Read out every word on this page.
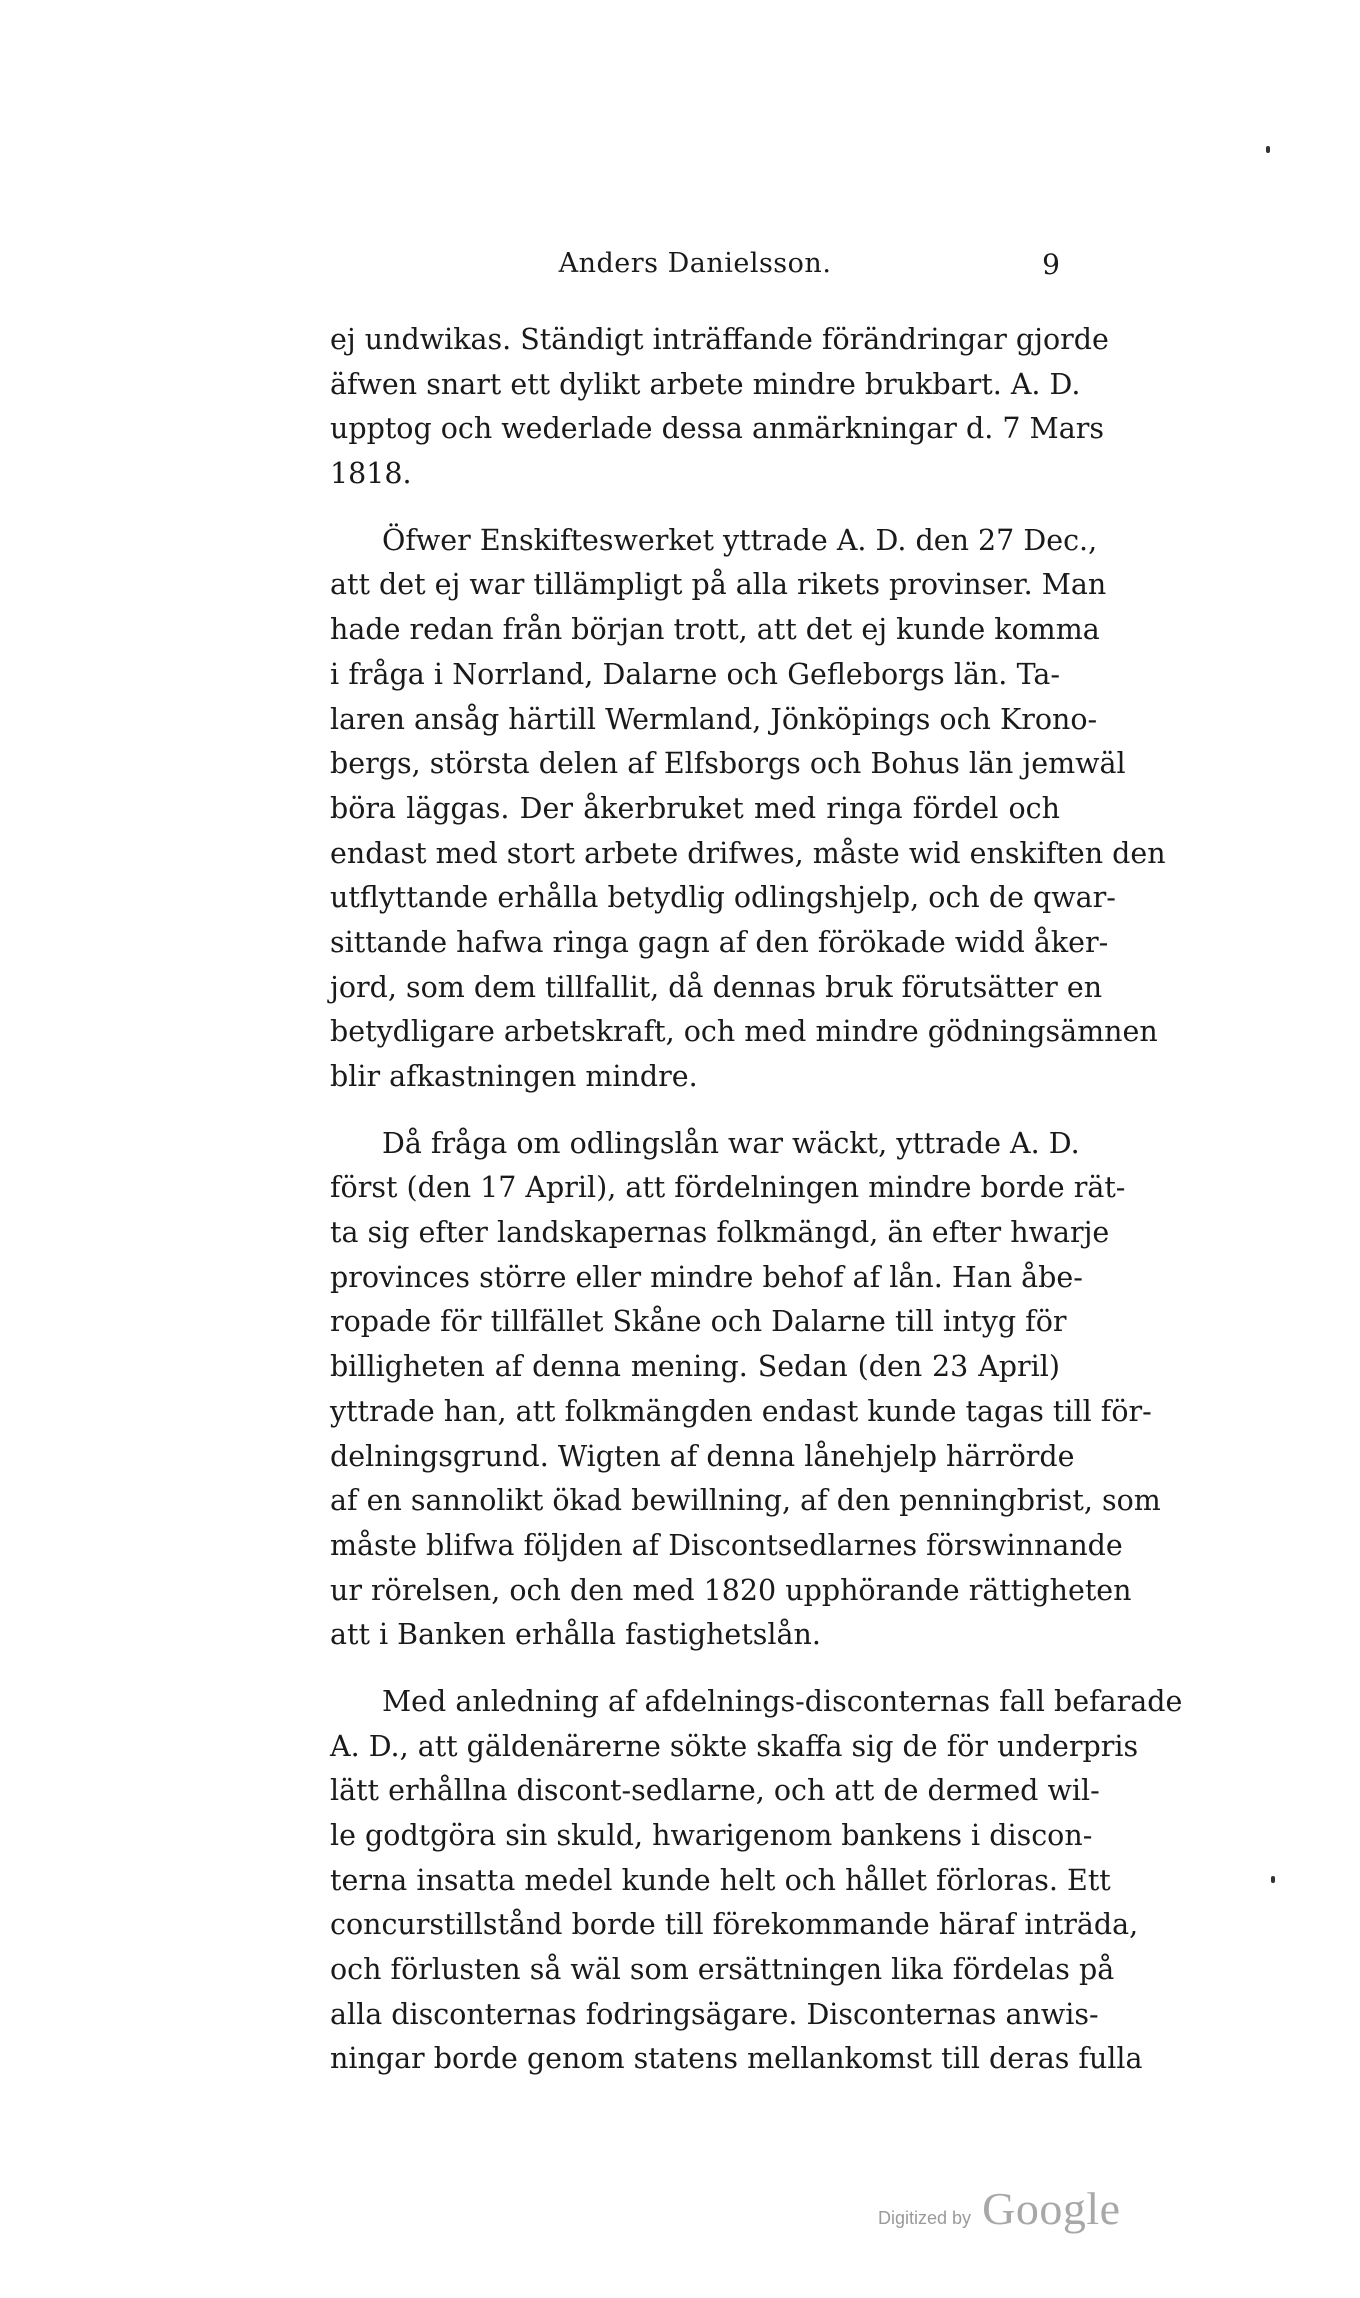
Anders Danielsson.	9
ej undwikas. Ständigt inträffande förändringar gjorde
äfwen snart ett dylikt arbete mindre brukbart. A. D.
upptog och wederlade dessa anmärkningar d. 7 Mars
1818.
Öfwer Enskifteswerket yttrade A. D. den 27 Dec.,
att det ej war tillämpligt på alla rikets provinser. Man
hade redan från början trott, att det ej kunde komma
i fråga i Norrland, Dalarne och Gefleborgs län. Ta-
laren ansåg härtill Wermland, Jönköpings och Krono-
bergs, största delen af Elfsborgs och Bohus län jemwäl
böra läggas. Der åkerbruket med ringa fördel och
endast med stort arbete drifwes, måste wid enskiften den
utflyttande erhålla betydlig odlingshjelp, och de qwar-
sittande hafwa ringa gagn af den förökade widd åker-
jord, som dem tillfallit, då dennas bruk förutsätter en
betydligare arbetskraft, och med mindre gödningsämnen
blir afkastningen mindre.
Då fråga om odlingslån war wäckt, yttrade A. D.
först (den 17 April), att fördelningen mindre borde rät-
ta sig efter landskapernas folkmängd, än efter hwarje
provinces större eller mindre behof af lån. Han åbe-
ropade för tillfället Skåne och Dalarne till intyg för
billigheten af denna mening. Sedan (den 23 April)
yttrade han, att folkmängden endast kunde tagas till för-
delningsgrund. Wigten af denna lånehjelp härrörde
af en sannolikt ökad bewillning, af den penningbrist, som
måste blifwa följden af Discontsedlarnes förswinnande
ur rörelsen, och den med 1820 upphörande rättigheten
att i Banken erhålla fastighetslån.
Med anledning af afdelnings-disconternas fall befarade
A. D., att gäldenärerne sökte skaffa sig de för underpris
lätt erhållna discont-sedlarne, och att de dermed wil-
le godtgöra sin skuld, hwarigenom bankens i discon-
terna insatta medel kunde helt och hållet förloras. Ett
concurstillstånd borde till förekommande häraf inträda,
och förlusten så wäl som ersättningen lika fördelas på
alla disconternas fodringsägare. Disconternas anwis-
ningar borde genom statens mellankomst till deras fulla
Digitized by Google
